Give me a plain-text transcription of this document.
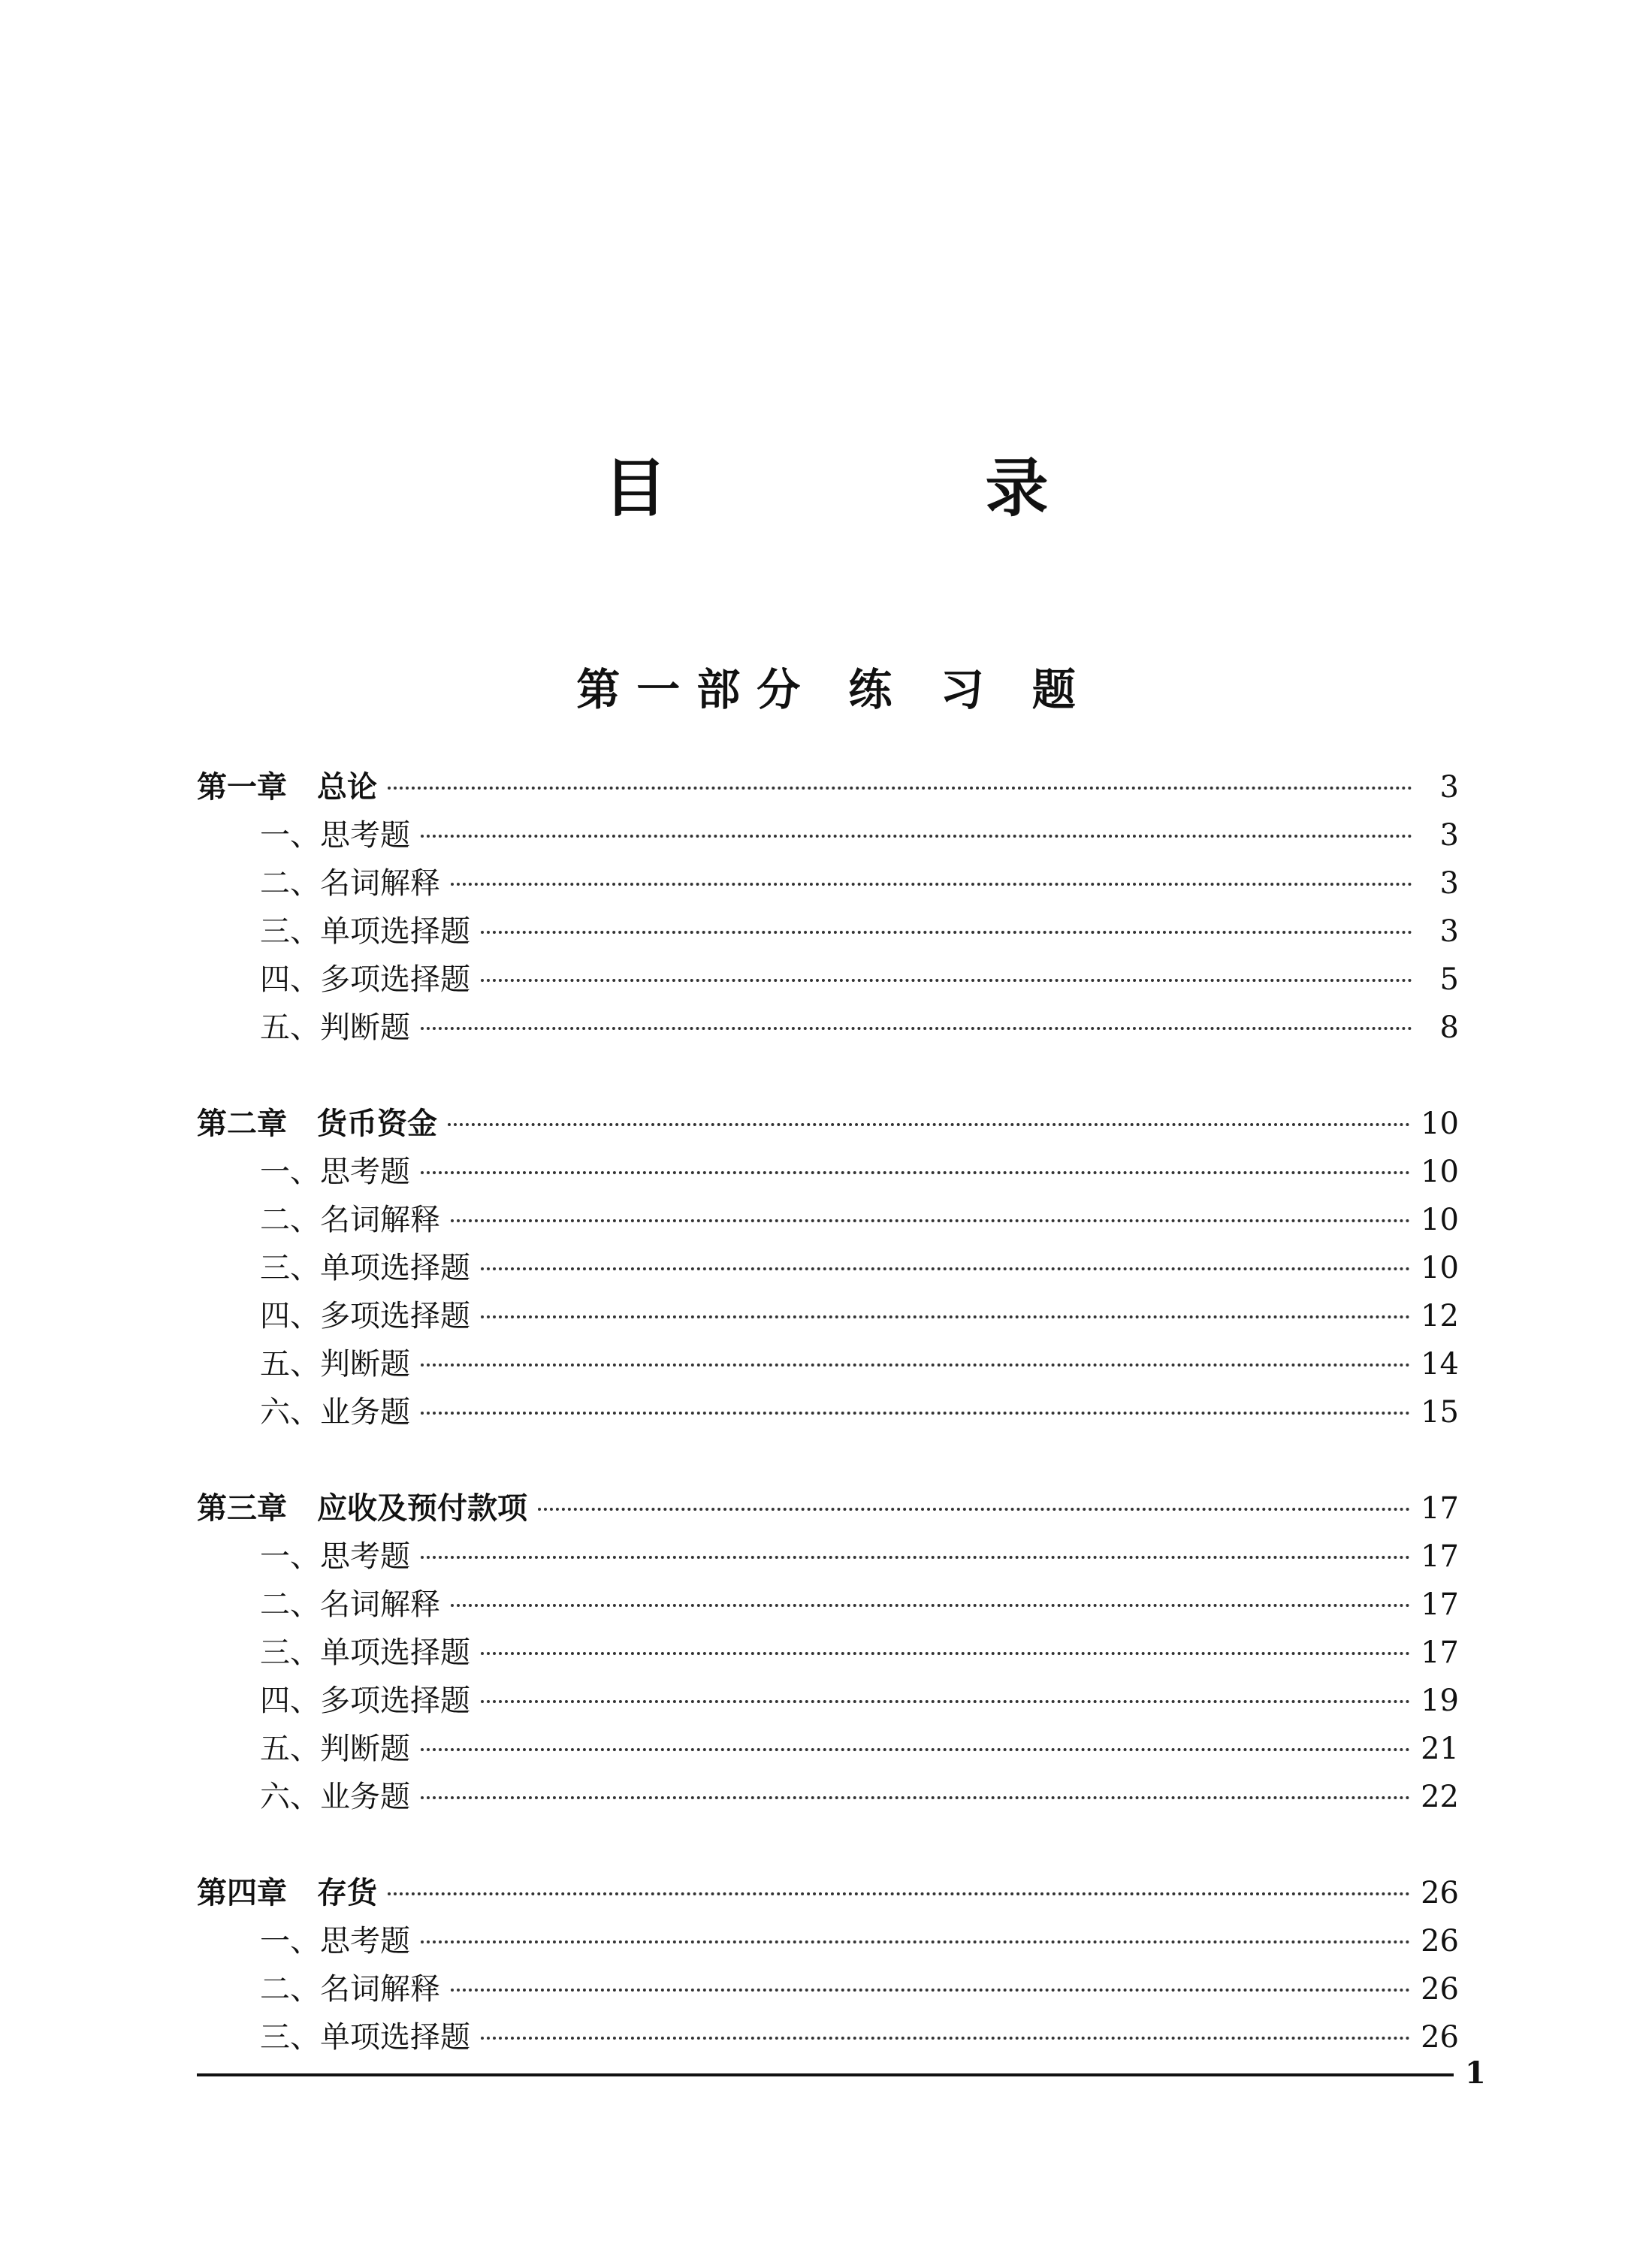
目　录
第一部分 练 习 题
第一章　总论	3
一、思考题	3
二、名词解释	3
三、单项选择题	3
四、多项选择题	5
五、判断题	8
第二章　货币资金	10
一、思考题	10
二、名词解释	10
三、单项选择题	10
四、多项选择题	12
五、判断题	14
六、业务题	15
第三章　应收及预付款项	17
一、思考题	17
二、名词解释	17
三、单项选择题	17
四、多项选择题	19
五、判断题	21
六、业务题	22
第四章　存货	26
一、思考题	26
二、名词解释	26
三、单项选择题	26
1
